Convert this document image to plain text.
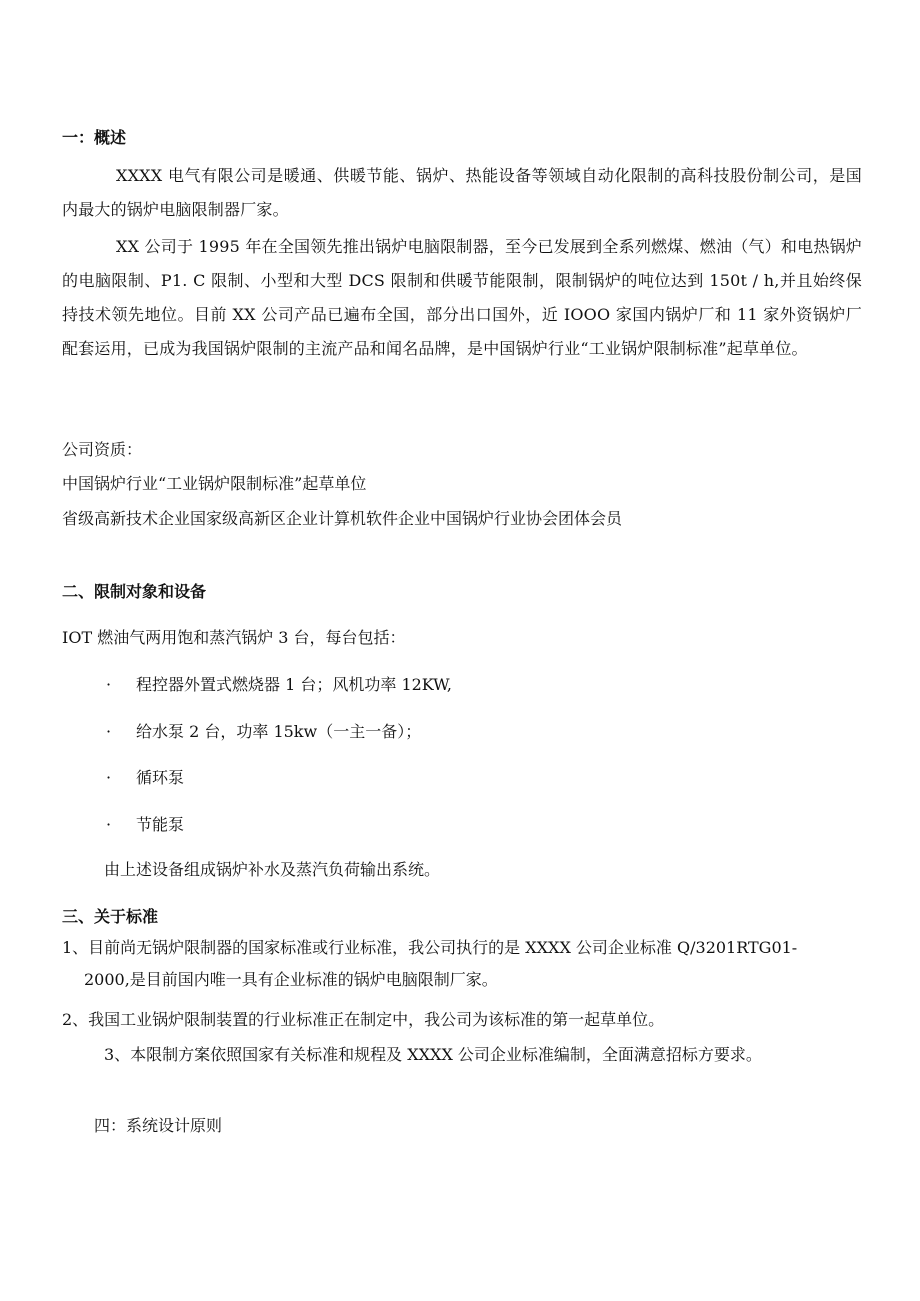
一：概述
XXXX 电气有限公司是暖通、供暖节能、锅炉、热能设备等领域自动化限制的高科技股份制公司，是国内最大的锅炉电脑限制器厂家。
XX 公司于 1995 年在全国领先推出锅炉电脑限制器，至今已发展到全系列燃煤、燃油（气）和电热锅炉的电脑限制、P1. C 限制、小型和大型 DCS 限制和供暖节能限制，限制锅炉的吨位达到 150t / h,并且始终保持技术领先地位。目前 XX 公司产品已遍布全国，部分出口国外，近 IOOO 家国内锅炉厂和 11 家外资锅炉厂配套运用，已成为我国锅炉限制的主流产品和闻名品牌，是中国锅炉行业“工业锅炉限制标准”起草单位。
公司资质：
中国锅炉行业“工业锅炉限制标准”起草单位
省级高新技术企业国家级高新区企业计算机软件企业中国锅炉行业协会团体会员
二、限制对象和设备
IOT 燃油气两用饱和蒸汽锅炉 3 台，每台包括：
· 程控器外置式燃烧器 1 台；风机功率 12KW,
· 给水泵 2 台，功率 15kw（一主一备）；
· 循环泵
· 节能泵
由上述设备组成锅炉补水及蒸汽负荷输出系统。
三、关于标准
1、目前尚无锅炉限制器的国家标准或行业标准，我公司执行的是 XXXX 公司企业标准 Q/3201RTG01-
2000,是目前国内唯一具有企业标准的锅炉电脑限制厂家。
2、我国工业锅炉限制装置的行业标准正在制定中，我公司为该标准的第一起草单位。
3、本限制方案依照国家有关标准和规程及 XXXX 公司企业标准编制，全面满意招标方要求。
四：系统设计原则
